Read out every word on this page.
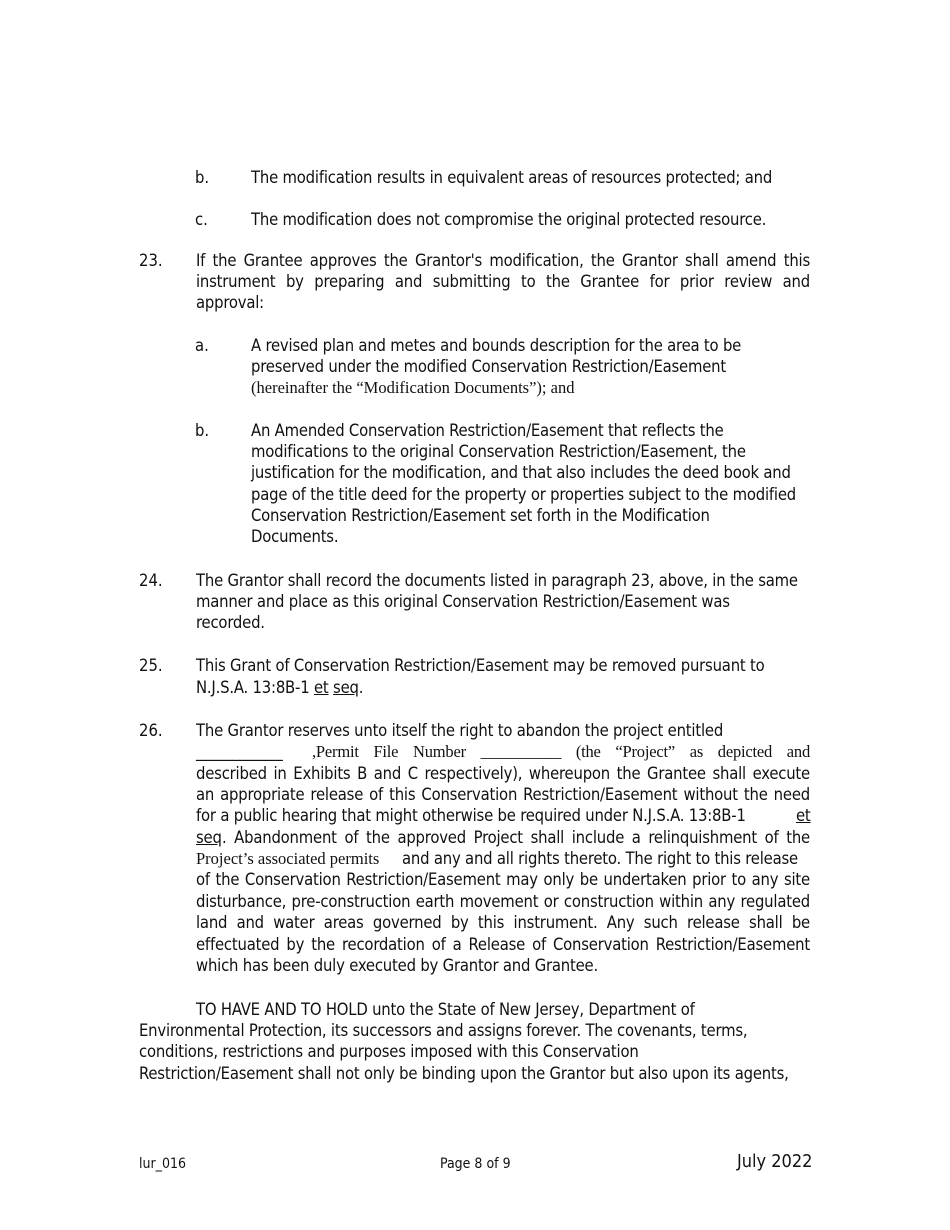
b.	The modification results in equivalent areas of resources protected; and
c.	The modification does not compromise the original protected resource.
23. If the Grantee approves the Grantor's modification, the Grantor shall amend this
instrument by preparing and submitting to the Grantee for prior review and
approval:
a.	A revised plan and metes and bounds description for the area to be
preserved under the modified Conservation Restriction/Easement
(hereinafter the “Modification Documents”); and
b.	An Amended Conservation Restriction/Easement that reflects the
modifications to the original Conservation Restriction/Easement, the
justification for the modification, and that also includes the deed book and
page of the title deed for the property or properties subject to the modified
Conservation Restriction/Easement set forth in the Modification
Documents.
24. The Grantor shall record the documents listed in paragraph 23, above, in the same
manner and place as this original Conservation Restriction/Easement was
recorded.
25. This Grant of Conservation Restriction/Easement may be removed pursuant to
N.J.S.A. 13:8B-1 et seq.
26. The Grantor reserves unto itself the right to abandon the project entitled
____________ ,Permit File Number __________ (the “Project” as depicted and
described in Exhibits B and C respectively), whereupon the Grantee shall execute
an appropriate release of this Conservation Restriction/Easement without the need
for a public hearing that might otherwise be required under N.J.S.A. 13:8B-1	et
seq . Abandonment of the approved Project shall include a relinquishment of the
Project’s associated permits and any and all rights thereto. The right to this release
of the Conservation Restriction/Easement may only be undertaken prior to any site
disturbance, pre-construction earth movement or construction within any regulated
land and water areas governed by this instrument. Any such release shall be
effectuated by the recordation of a Release of Conservation Restriction/Easement
which has been duly executed by Grantor and Grantee.
TO HAVE AND TO HOLD unto the State of New Jersey, Department of
Environmental Protection, its successors and assigns forever. The covenants, terms,
conditions, restrictions and purposes imposed with this Conservation
Restriction/Easement shall not only be binding upon the Grantor but also upon its agents,
lur_016	Page 8 of 9	July 2022
